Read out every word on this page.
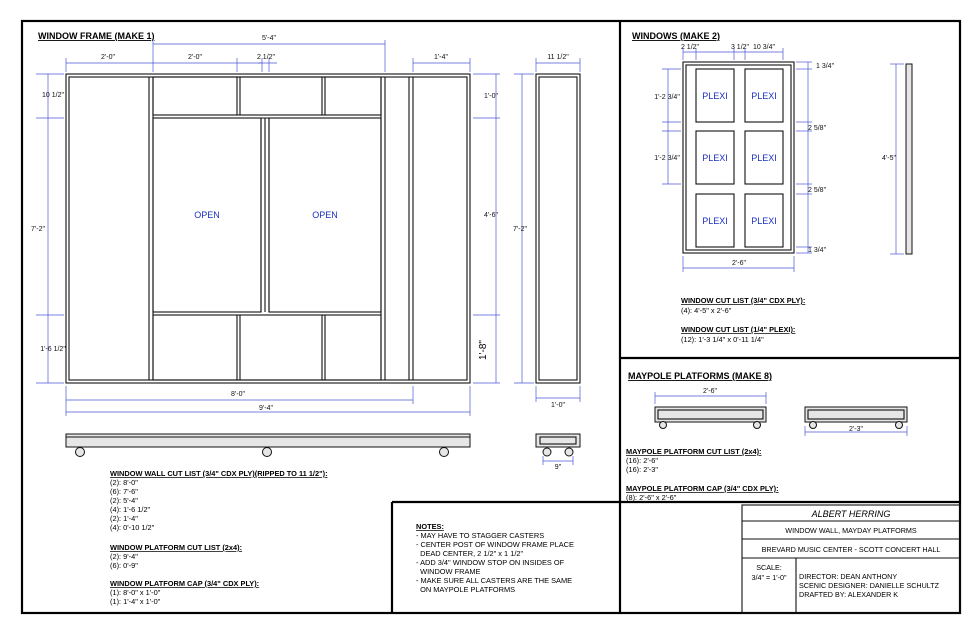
WINDOW FRAME (MAKE 1)
OPEN	OPEN
5'-4"
2'-0"	2'-0"	2 1/2"	1'-4"
10 1/2"
7'-2"
1'-6 1/2"
1'-0"
4'-6"
1'-8"
8'-0"
9'-4"
11 1/2"
7'-2"
1'-0"
9"
WINDOW WALL CUT LIST (3/4" CDX PLY)(RIPPED TO 11 1/2"):
(2): 8'-0"
(6): 7'-6"
(2): 5'-4"
(4): 1'-6 1/2"
(2): 1'-4"
(4): 0'-10 1/2"
WINDOW PLATFORM CUT LIST (2x4):
(2): 9'-4"
(6): 0'-9"
WINDOW PLATFORM CAP (3/4" CDX PLY):
(1): 8'-0" x 1'-0"
(1): 1'-4" x 1'-0"
NOTES:
- MAY HAVE TO STAGGER CASTERS
- CENTER POST OF WINDOW FRAME PLACE
DEAD CENTER, 2 1/2" x 1 1/2"
- ADD 3/4" WINDOW STOP ON INSIDES OF
WINDOW FRAME
- MAKE SURE ALL CASTERS ARE THE SAME
ON MAYPOLE PLATFORMS
WINDOWS (MAKE 2)
PLEXI	PLEXI
PLEXI	PLEXI
PLEXI	PLEXI
2 1/2"	3 1/2" 10 3/4"
1'-2 3/4"
1'-2 3/4"
1 3/4"
2 5/8"
2 5/8"
1 3/4"
2'-6"
4'-5"
WINDOW CUT LIST (3/4" CDX PLY):
(4): 4'-5" x 2'-6"
WINDOW CUT LIST (1/4" PLEXI):
(12): 1'-3 1/4" x 0'-11 1/4"
MAYPOLE PLATFORMS (MAKE 8)
2'-6"
2'-3"
MAYPOLE PLATFORM CUT LIST (2x4):
(16): 2'-6"
(16): 2'-3"
MAYPOLE PLATFORM CAP (3/4" CDX PLY):
(8): 2'-6" x 2'-6"
ALBERT HERRING
WINDOW WALL, MAYDAY PLATFORMS
BREVARD MUSIC CENTER - SCOTT CONCERT HALL
SCALE:
3/4" = 1'-0" DIRECTOR: DEAN ANTHONY
SCENIC DESIGNER: DANIELLE SCHULTZ
DRAFTED BY: ALEXANDER K
